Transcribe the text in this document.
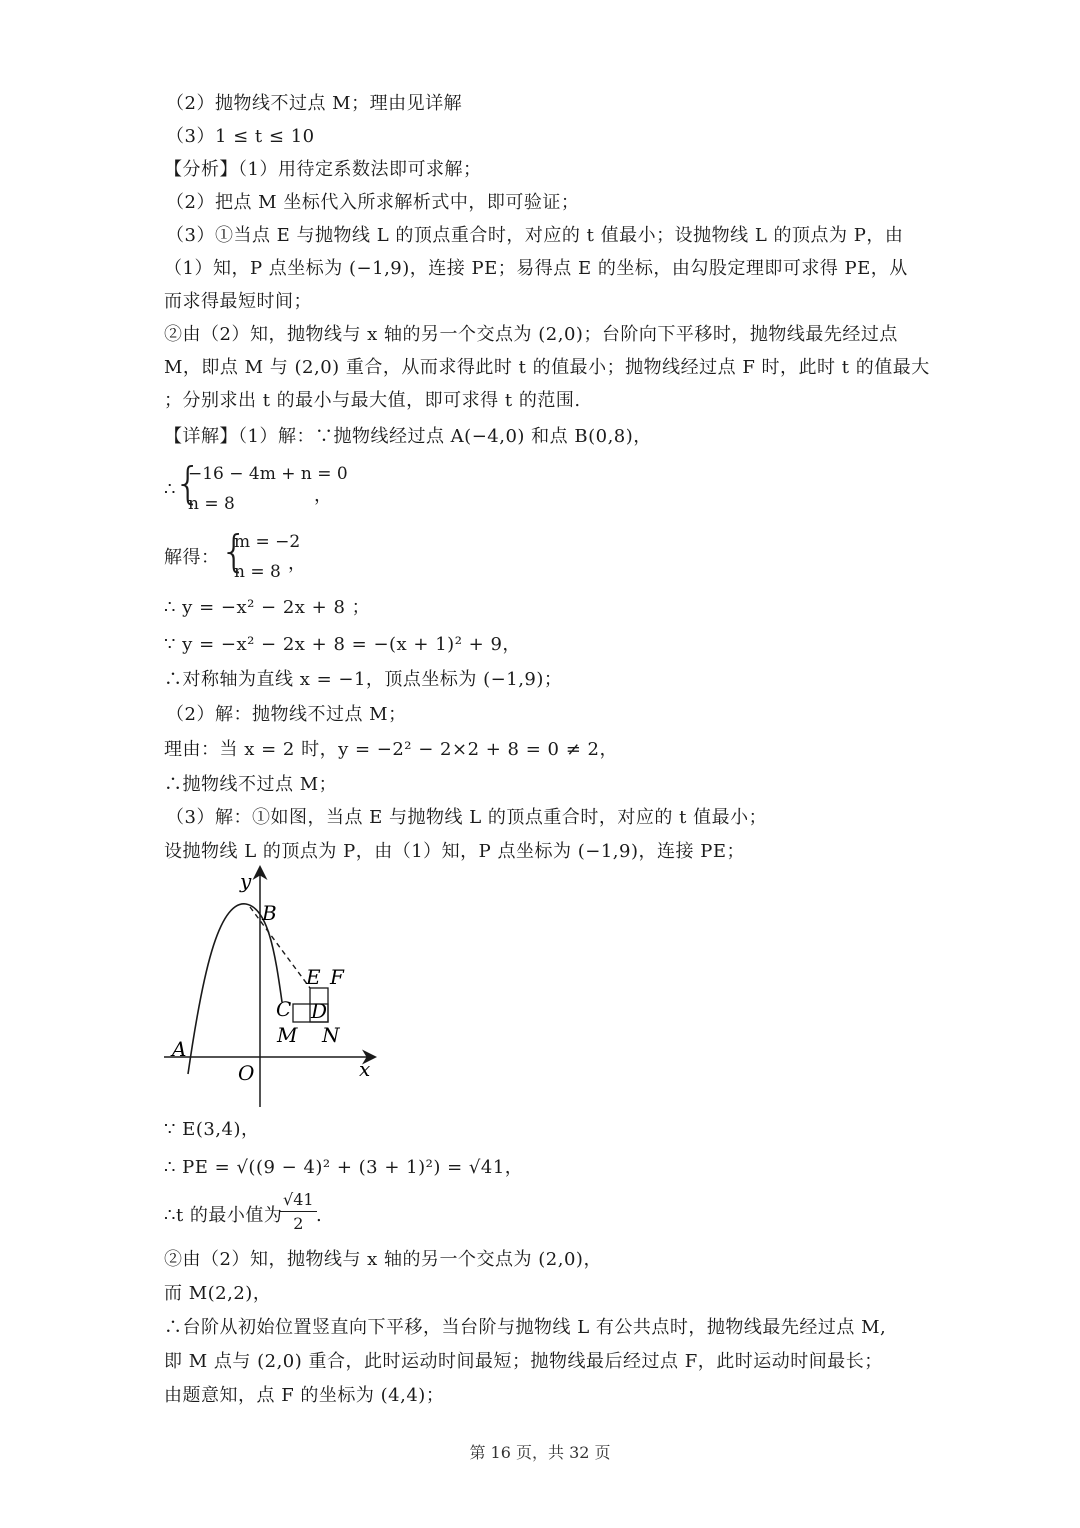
（2）抛物线不过点 M；理由见详解
（3）1 ≤ t ≤ 10
【分析】（1）用待定系数法即可求解；
（2）把点 M 坐标代入所求解析式中，即可验证；
（3）①当点 E 与抛物线 L 的顶点重合时，对应的 t 值最小；设抛物线 L 的顶点为 P，由
（1）知，P 点坐标为 (−1,9)，连接 PE；易得点 E 的坐标，由勾股定理即可求得 PE，从
而求得最短时间；
②由（2）知，抛物线与 x 轴的另一个交点为 (2,0)；台阶向下平移时，抛物线最先经过点
M，即点 M 与 (2,0) 重合，从而求得此时 t 的值最小；抛物线经过点 F 时，此时 t 的值最大
；分别求出 t 的最小与最大值，即可求得 t 的范围.
【详解】（1）解：∵抛物线经过点 A(−4,0) 和点 B(0,8)，
∴
{
−16 − 4m + n = 0
n = 8	，
解得： {
m = −2
n = 8 ，
∴ y = −x² − 2x + 8 ；
∵ y = −x² − 2x + 8 = −(x + 1)² + 9，
∴对称轴为直线 x = −1，顶点坐标为 (−1,9)；
（2）解：抛物线不过点 M；
理由：当 x = 2 时，y = −2² − 2×2 + 8 = 0 ≠ 2，
∴抛物线不过点 M；
（3）解：①如图，当点 E 与抛物线 L 的顶点重合时，对应的 t 值最小；
设抛物线 L 的顶点为 P，由（1）知，P 点坐标为 (−1,9)，连接 PE；
y
x
O
A
B
E F
C D
M N
∵ E(3,4)，
∴ PE = √((9 − 4)² + (3 + 1)²) = √41，
∴t 的最小值为
$\frac{√41}{2}$ .
②由（2）知，抛物线与 x 轴的另一个交点为 (2,0)，
而 M(2,2)，
∴台阶从初始位置竖直向下平移，当台阶与抛物线 L 有公共点时，抛物线最先经过点 M,
即 M 点与 (2,0) 重合，此时运动时间最短；抛物线最后经过点 F，此时运动时间最长；
由题意知，点 F 的坐标为 (4,4)；
第 16 页，共 32 页
